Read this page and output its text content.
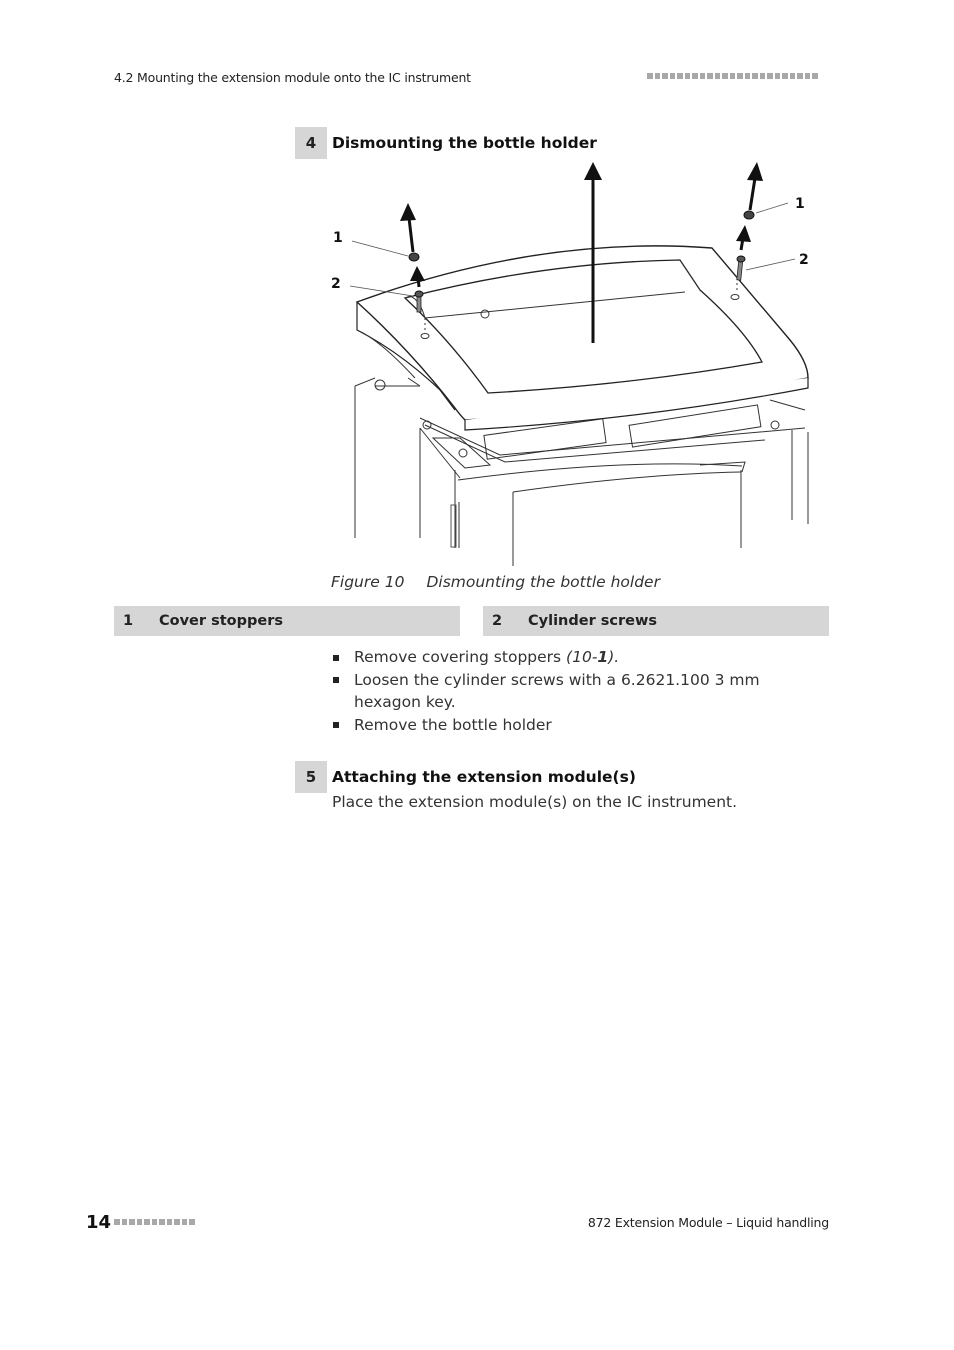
4.2 Mounting the extension module onto the IC instrument
4	Dismounting the bottle holder
1
2
1
2
Figure 10 Dismounting the bottle holder
1	Cover stoppers	2	Cylinder screws
Remove covering stoppers (10-1).
Loosen the cylinder screws with a 6.2621.100 3 mm hexagon key.
Remove the bottle holder
5	Attaching the extension module(s)
Place the extension module(s) on the IC instrument.
14	872 Extension Module – Liquid handling
